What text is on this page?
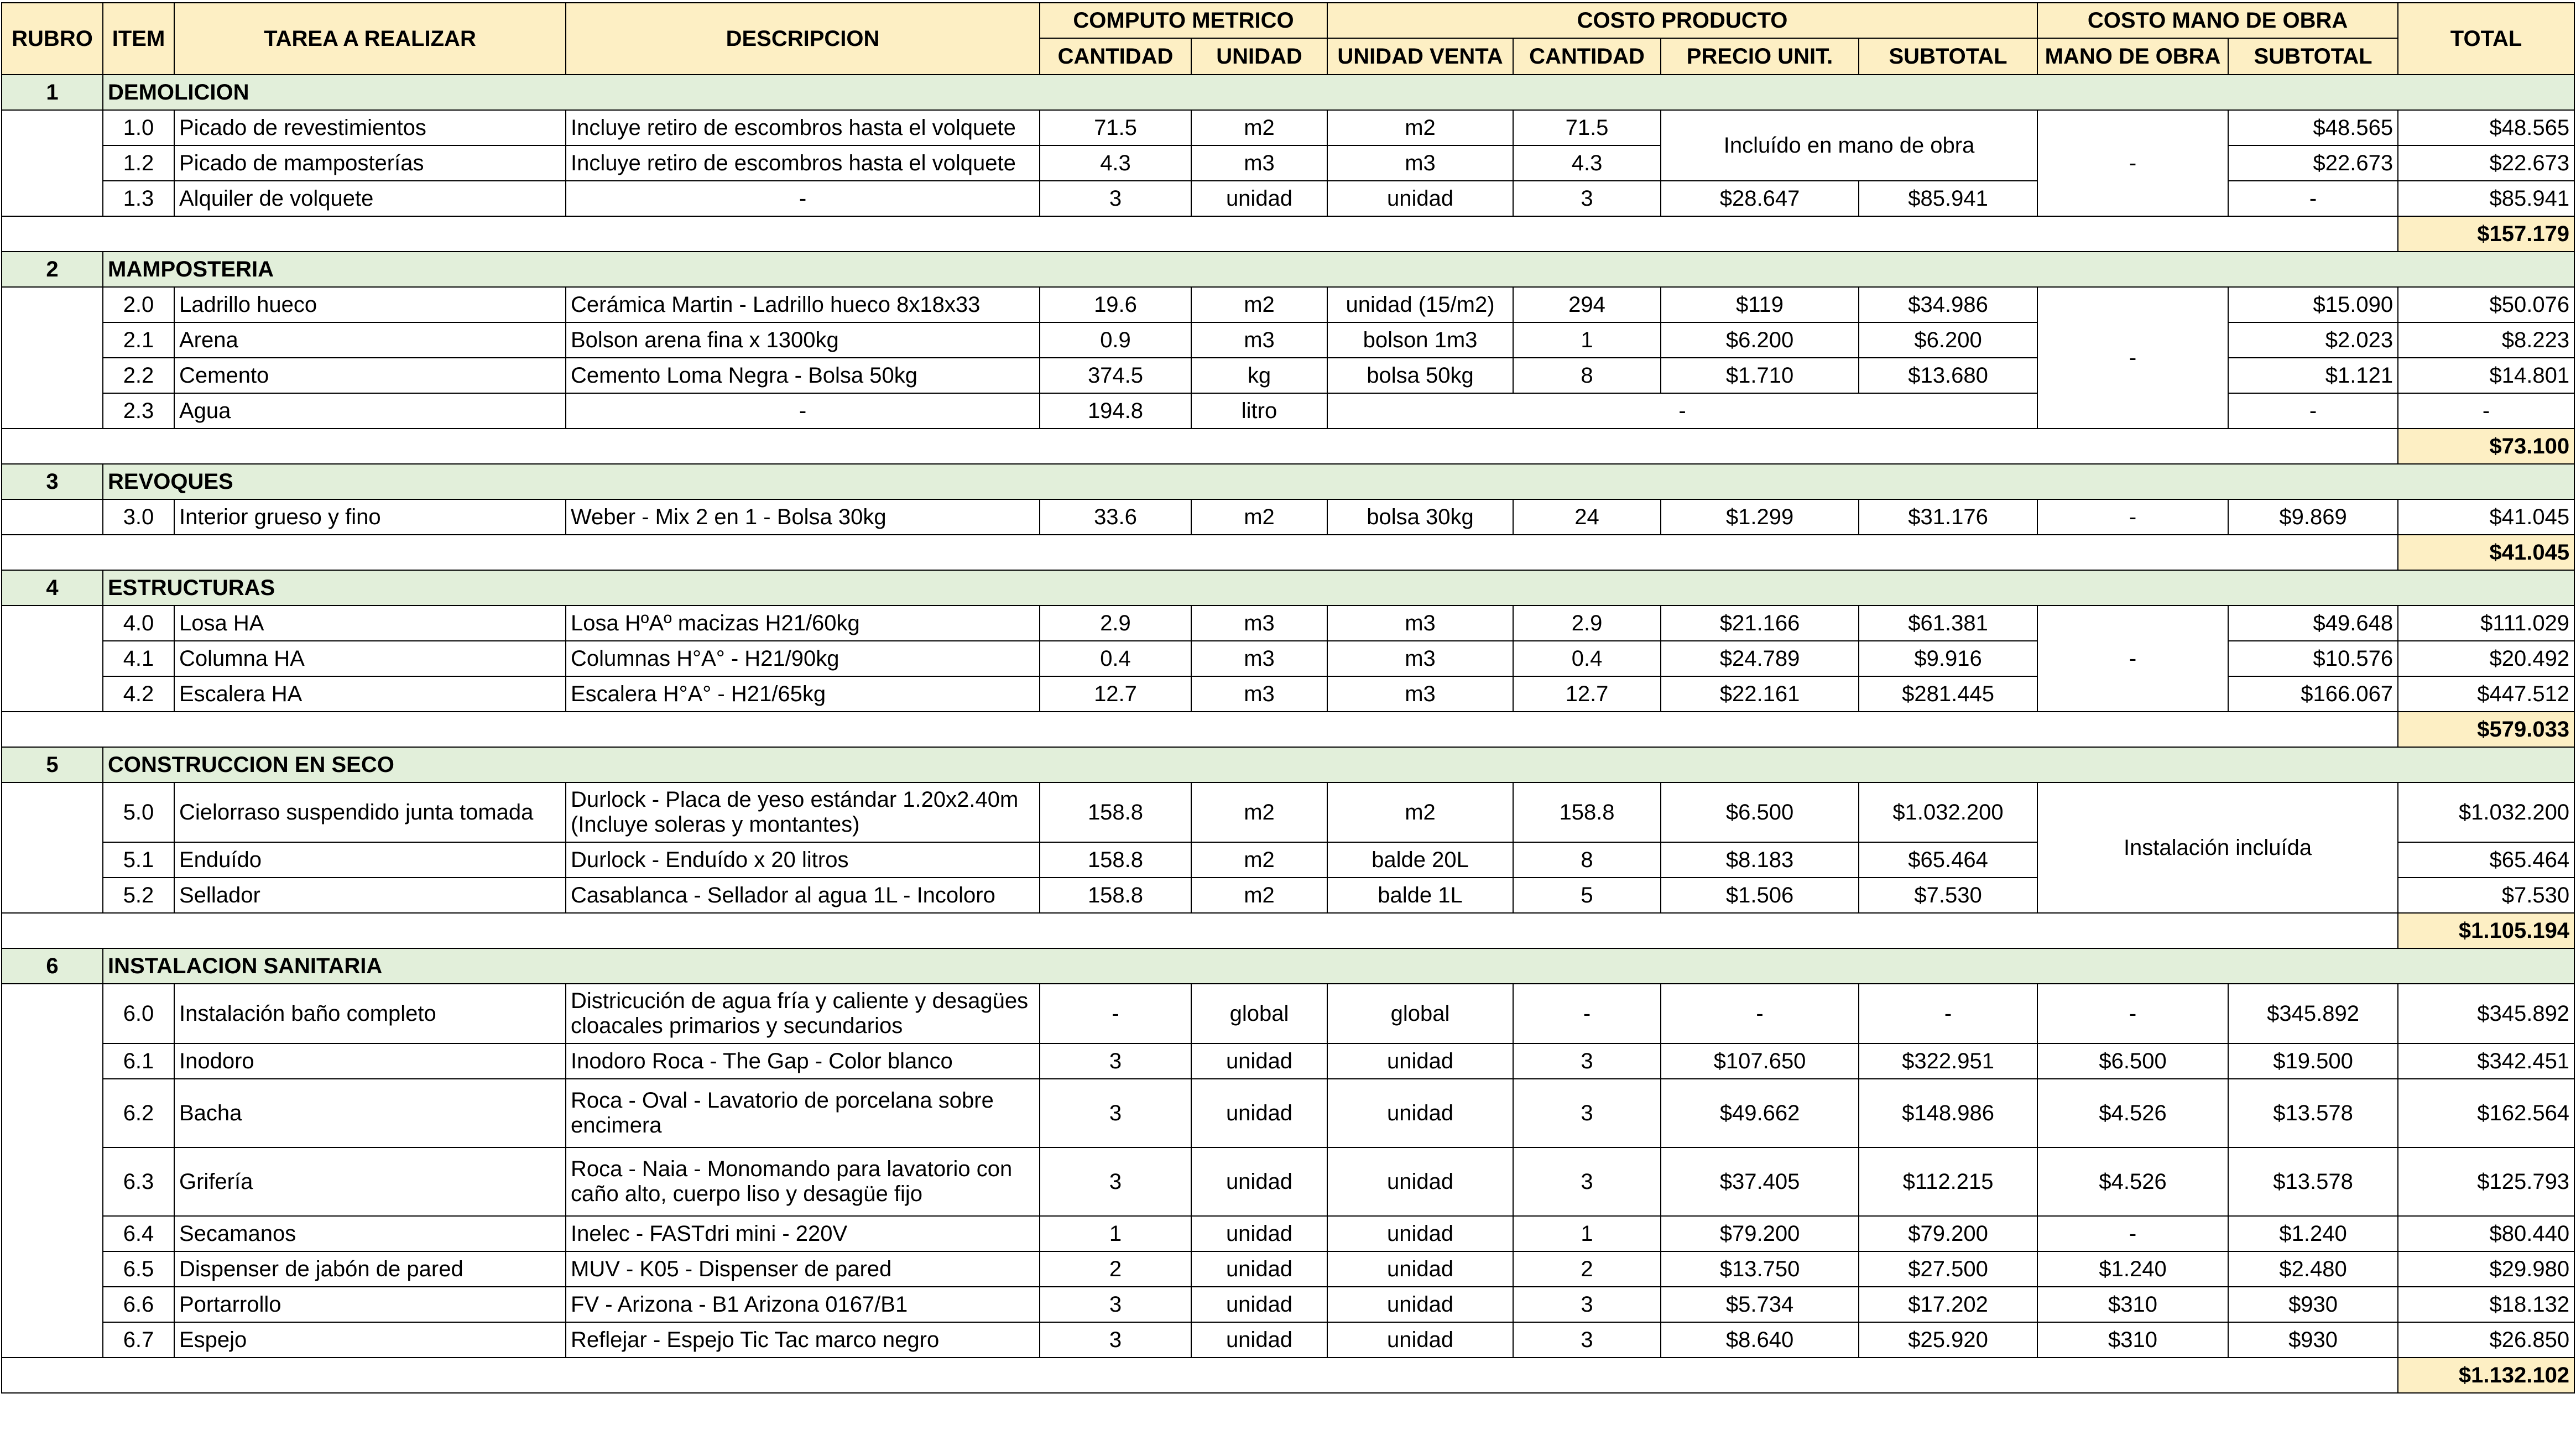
RUBRO	ITEM	TAREA A REALIZAR	DESCRIPCION	COMPUTO METRICO		COSTO PRODUCTO				COSTO MANO DE OBRA		TOTAL
				CANTIDAD	UNIDAD	UNIDAD VENTA	CANTIDAD	PRECIO UNIT.	SUBTOTAL	MANO DE OBRA	SUBTOTAL	
1	DEMOLICION											
	1.0	Picado de revestimientos	Incluye retiro de escombros hasta el volquete	71.5	m2	m2	71.5	Incluído en mano de obra		-	$48.565	$48.565
	1.2	Picado de mamposterías	Incluye retiro de escombros hasta el volquete	4.3	m3	m3	4.3				$22.673	$22.673
	1.3	Alquiler de volquete	-	3	unidad	unidad	3	$28.647	$85.941		-	$85.941
												$157.179
2	MAMPOSTERIA											
	2.0	Ladrillo hueco	Cerámica Martin - Ladrillo hueco 8x18x33	19.6	m2	unidad (15/m2)	294	$119	$34.986	-	$15.090	$50.076
	2.1	Arena	Bolson arena fina x 1300kg	0.9	m3	bolson 1m3	1	$6.200	$6.200		$2.023	$8.223
	2.2	Cemento	Cemento Loma Negra - Bolsa 50kg	374.5	kg	bolsa 50kg	8	$1.710	$13.680		$1.121	$14.801
	2.3	Agua	-	194.8	litro	-					-	-
												$73.100
3	REVOQUES											
	3.0	Interior grueso y fino	Weber - Mix 2 en 1 - Bolsa 30kg	33.6	m2	bolsa 30kg	24	$1.299	$31.176	-	$9.869	$41.045
												$41.045
4	ESTRUCTURAS											
	4.0	Losa HA	Losa HºAº macizas H21/60kg	2.9	m3	m3	2.9	$21.166	$61.381	-	$49.648	$111.029
	4.1	Columna HA	Columnas H°A° - H21/90kg	0.4	m3	m3	0.4	$24.789	$9.916		$10.576	$20.492
	4.2	Escalera HA	Escalera H°A° - H21/65kg	12.7	m3	m3	12.7	$22.161	$281.445		$166.067	$447.512
												$579.033
5	CONSTRUCCION EN SECO											
	5.0	Cielorraso suspendido junta tomada	Durlock - Placa de yeso estándar 1.20x2.40m (Incluye soleras y montantes)	158.8	m2	m2	158.8	$6.500	$1.032.200	Instalación incluída		$1.032.200
	5.1	Enduído	Durlock - Enduído x 20 litros	158.8	m2	balde 20L	8	$8.183	$65.464			$65.464
	5.2	Sellador	Casablanca - Sellador al agua 1L - Incoloro	158.8	m2	balde 1L	5	$1.506	$7.530			$7.530
												$1.105.194
6	INSTALACION SANITARIA											
	6.0	Instalación baño completo	Districución de agua fría y caliente y desagües cloacales primarios y secundarios	-	global	global	-	-	-	-	$345.892	$345.892
	6.1	Inodoro	Inodoro Roca - The Gap - Color blanco	3	unidad	unidad	3	$107.650	$322.951	$6.500	$19.500	$342.451
	6.2	Bacha	Roca - Oval - Lavatorio de porcelana sobre encimera	3	unidad	unidad	3	$49.662	$148.986	$4.526	$13.578	$162.564
	6.3	Grifería	Roca - Naia - Monomando para lavatorio con caño alto, cuerpo liso y desagüe fijo	3	unidad	unidad	3	$37.405	$112.215	$4.526	$13.578	$125.793
	6.4	Secamanos	Inelec - FASTdri mini - 220V	1	unidad	unidad	1	$79.200	$79.200	-	$1.240	$80.440
	6.5	Dispenser de jabón de pared	MUV - K05 - Dispenser de pared	2	unidad	unidad	2	$13.750	$27.500	$1.240	$2.480	$29.980
	6.6	Portarrollo	FV - Arizona - B1 Arizona 0167/B1	3	unidad	unidad	3	$5.734	$17.202	$310	$930	$18.132
	6.7	Espejo	Reflejar - Espejo Tic Tac marco negro	3	unidad	unidad	3	$8.640	$25.920	$310	$930	$26.850
												$1.132.102
